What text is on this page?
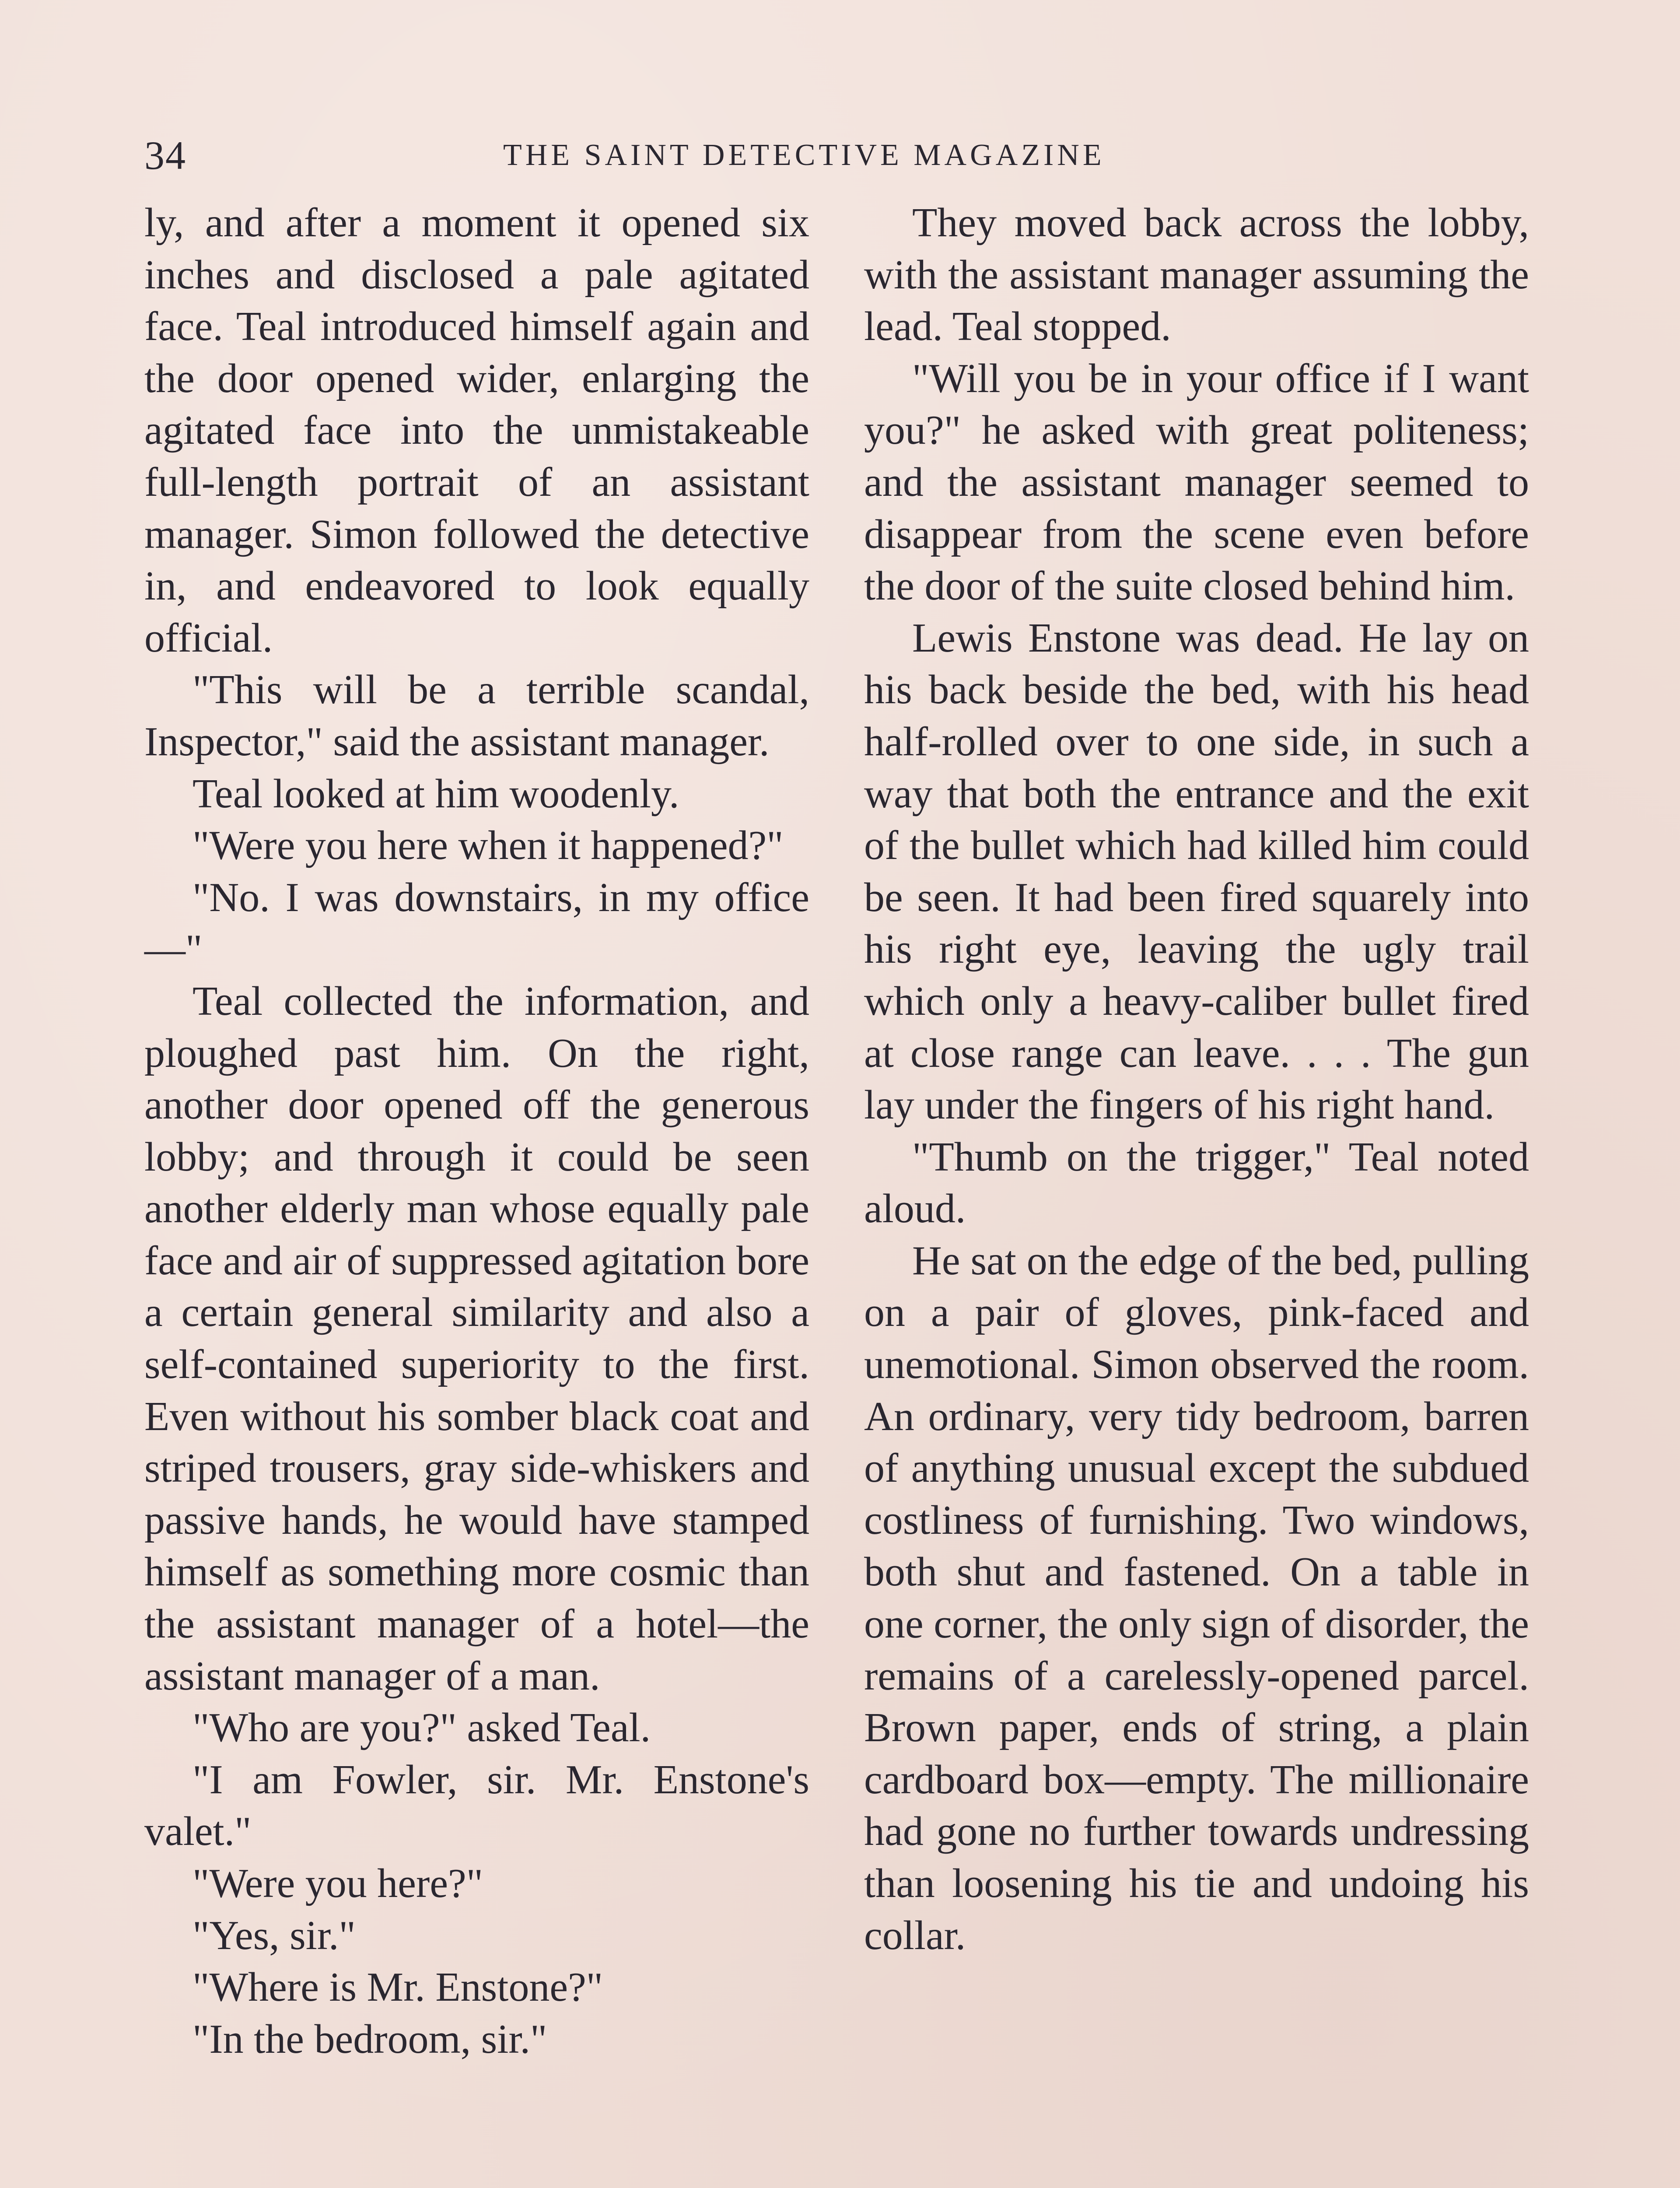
34	THE SAINT DETECTIVE MAGAZINE

ly, and after a moment it opened six inches and disclosed a pale agitated face. Teal introduced himself again and the door opened wider, enlarging the agitated face into the unmistakeable full-length portrait of an assistant manager. Simon followed the detective in, and endeavored to look equally official.

"This will be a terrible scandal, Inspector," said the assistant manager.

Teal looked at him woodenly.

"Were you here when it happened?"

"No. I was downstairs, in my office—"

Teal collected the information, and ploughed past him. On the right, another door opened off the generous lobby; and through it could be seen another elderly man whose equally pale face and air of suppressed agitation bore a certain general similarity and also a self-contained superiority to the first. Even without his somber black coat and striped trousers, gray side-whiskers and passive hands, he would have stamped himself as something more cosmic than the assistant manager of a hotel—the assistant manager of a man.

"Who are you?" asked Teal.

"I am Fowler, sir. Mr. Enstone's valet."

"Were you here?"

"Yes, sir."

"Where is Mr. Enstone?"

"In the bedroom, sir."

They moved back across the lobby, with the assistant manager assuming the lead. Teal stopped.

"Will you be in your office if I want you?" he asked with great politeness; and the assistant manager seemed to disappear from the scene even before the door of the suite closed behind him.

Lewis Enstone was dead. He lay on his back beside the bed, with his head half-rolled over to one side, in such a way that both the entrance and the exit of the bullet which had killed him could be seen. It had been fired squarely into his right eye, leaving the ugly trail which only a heavy-caliber bullet fired at close range can leave. . . . The gun lay under the fingers of his right hand.

"Thumb on the trigger," Teal noted aloud.

He sat on the edge of the bed, pulling on a pair of gloves, pink-faced and unemotional. Simon observed the room. An ordinary, very tidy bedroom, barren of anything unusual except the subdued costliness of furnishing. Two windows, both shut and fastened. On a table in one corner, the only sign of disorder, the remains of a carelessly-opened parcel. Brown paper, ends of string, a plain cardboard box—empty. The millionaire had gone no further towards undressing than loosening his tie and undoing his collar.
